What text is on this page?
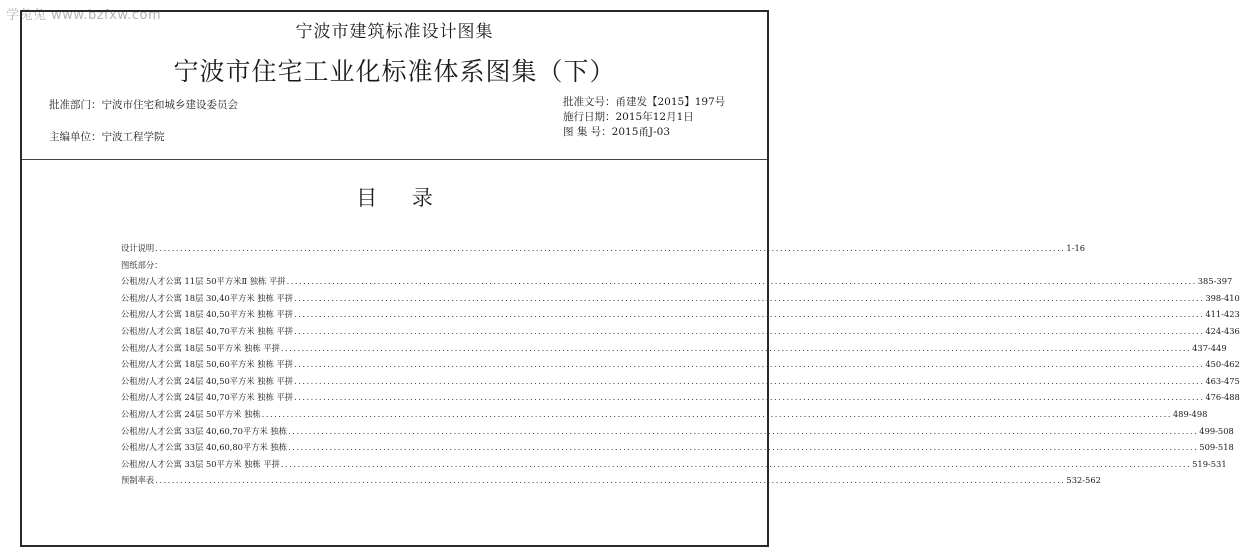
学兔兔 www.bzfxw.com
宁波市建筑标准设计图集
宁波市住宅工业化标准体系图集（下）
批准部门：宁波市住宅和城乡建设委员会
主编单位：宁波工程学院
批准文号：甬建发【2015】197号
施行日期：2015年12月1日
图 集 号：2015甬J-03
目 录
设计说明 ............................................................................................................................................................................................................................ 1-16
图纸部分：
公租房/人才公寓 11层 50平方米Ⅱ 独栋 平拼 ............................................................................................................................................................................................................................ 385-397
公租房/人才公寓 18层 30,40平方米 独栋 平拼 ............................................................................................................................................................................................................................ 398-410
公租房/人才公寓 18层 40,50平方米 独栋 平拼 ............................................................................................................................................................................................................................ 411-423
公租房/人才公寓 18层 40,70平方米 独栋 平拼 ............................................................................................................................................................................................................................ 424-436
公租房/人才公寓 18层 50平方米 独栋 平拼 ............................................................................................................................................................................................................................ 437-449
公租房/人才公寓 18层 50,60平方米 独栋 平拼 ............................................................................................................................................................................................................................ 450-462
公租房/人才公寓 24层 40,50平方米 独栋 平拼 ............................................................................................................................................................................................................................ 463-475
公租房/人才公寓 24层 40,70平方米 独栋 平拼 ............................................................................................................................................................................................................................ 476-488
公租房/人才公寓 24层 50平方米 独栋 ............................................................................................................................................................................................................................ 489-498
公租房/人才公寓 33层 40,60,70平方米 独栋 ............................................................................................................................................................................................................................ 499-508
公租房/人才公寓 33层 40,60,80平方米 独栋 ............................................................................................................................................................................................................................ 509-518
公租房/人才公寓 33层 50平方米 独栋 平拼 ............................................................................................................................................................................................................................ 519-531
预制率表 ............................................................................................................................................................................................................................ 532-562
